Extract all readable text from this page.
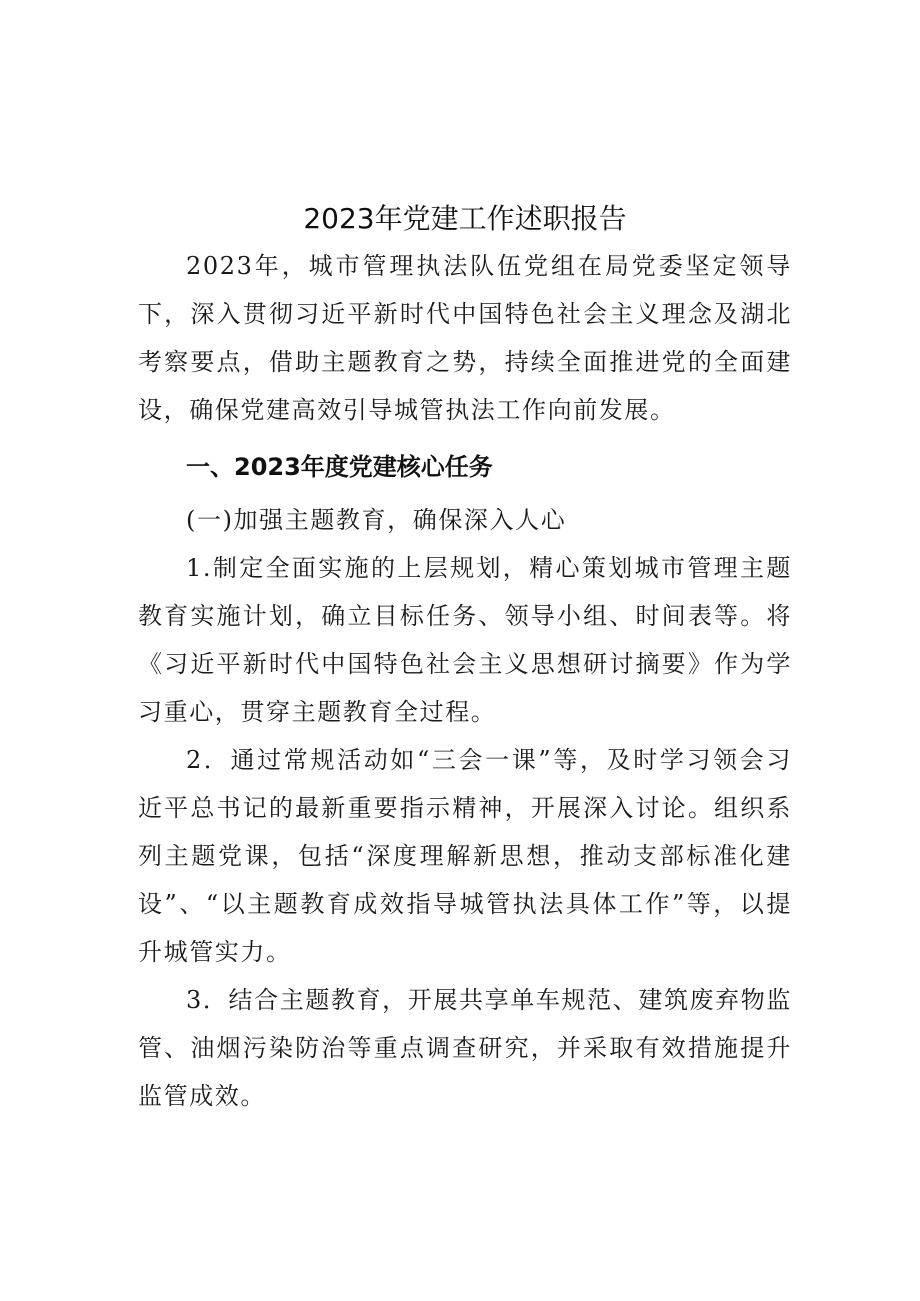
2023年党建工作述职报告

2023年，城市管理执法队伍党组在局党委坚定领导下，深入贯彻习近平新时代中国特色社会主义理念及湖北考察要点，借助主题教育之势，持续全面推进党的全面建设，确保党建高效引导城管执法工作向前发展。

一、2023年度党建核心任务

(一)加强主题教育，确保深入人心

1.制定全面实施的上层规划，精心策划城市管理主题教育实施计划，确立目标任务、领导小组、时间表等。将《习近平新时代中国特色社会主义思想研讨摘要》作为学习重心，贯穿主题教育全过程。

2．通过常规活动如“三会一课”等，及时学习领会习近平总书记的最新重要指示精神，开展深入讨论。组织系列主题党课，包括“深度理解新思想，推动支部标准化建设”、“以主题教育成效指导城管执法具体工作”等，以提升城管实力。

3．结合主题教育，开展共享单车规范、建筑废弃物监管、油烟污染防治等重点调查研究，并采取有效措施提升监管成效。
